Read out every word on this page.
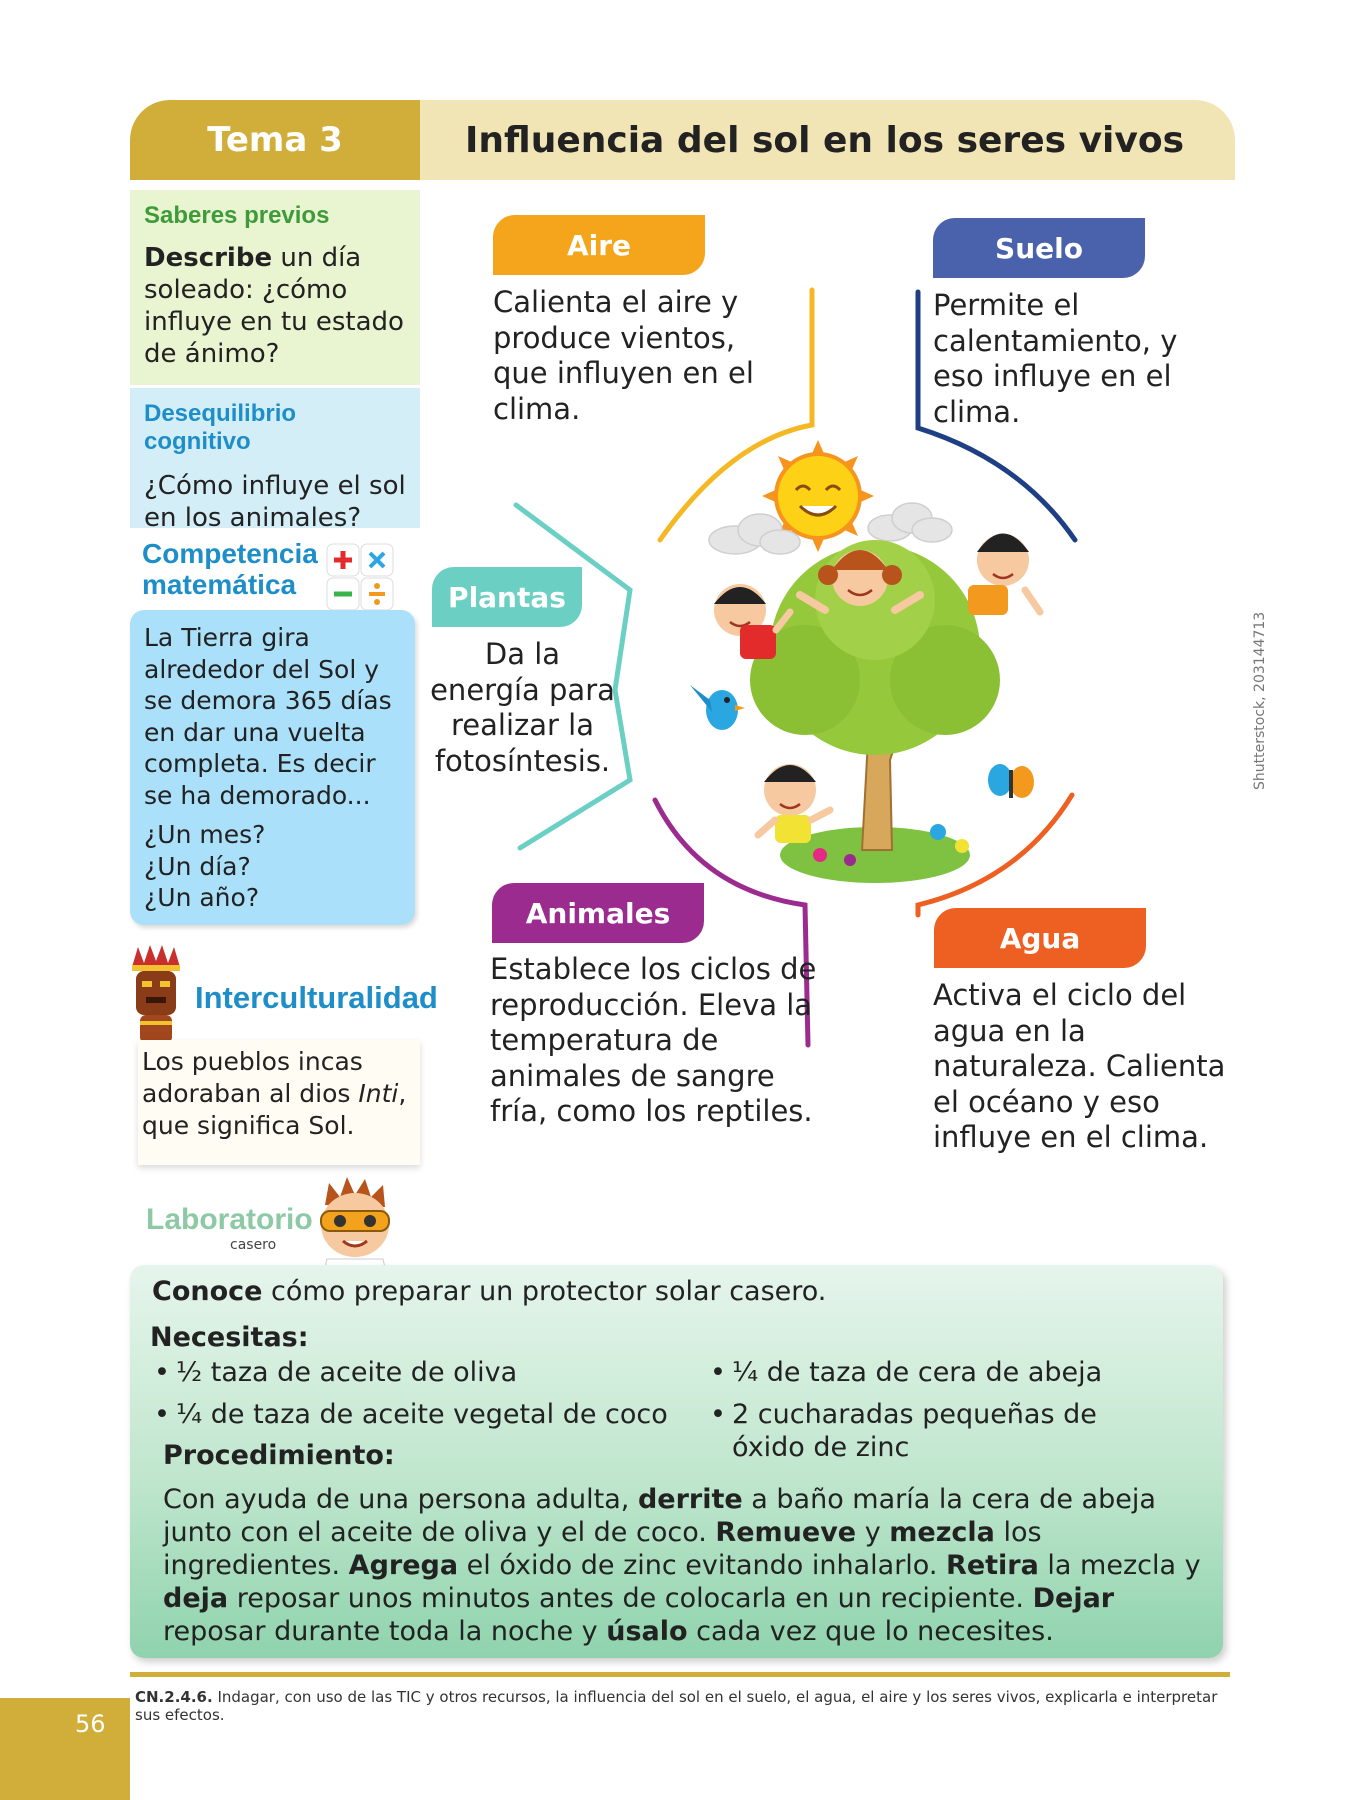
Tema 3	Influencia del sol en los seres vivos
Saberes previos
Describe un día soleado: ¿cómo influye en tu estado de ánimo?
Desequilibrio cognitivo
¿Cómo influye el sol en los animales?
Competencia
matemática
La Tierra gira alrededor del Sol y se demora 365 días en dar una vuelta completa. Es decir se ha demorado...
¿Un mes?
¿Un día?
¿Un año?
Interculturalidad
Los pueblos incas adoraban al dios Inti, que significa Sol.
Laboratorio
casero
Aire
Calienta el aire y produce vientos, que influyen en el clima.
Suelo
Permite el calentamiento, y eso influye en el clima.
Plantas
Da la energía para realizar la fotosíntesis.
Animales
Establece los ciclos de reproducción. Eleva la temperatura de animales de sangre fría, como los reptiles.
Agua
Activa el ciclo del agua en la naturaleza. Calienta el océano y eso influye en el clima.
Shutterstock, 203144713
Conoce cómo preparar un protector solar casero.
Necesitas:
• ½ taza de aceite de oliva
• ¼ de taza de aceite vegetal de coco
• ¼ de taza de cera de abeja
• 2 cucharadas pequeñas de óxido de zinc
Procedimiento:
Con ayuda de una persona adulta, derrite a baño maría la cera de abeja junto con el aceite de oliva y el de coco. Remueve y mezcla los ingredientes. Agrega el óxido de zinc evitando inhalarlo. Retira la mezcla y deja reposar unos minutos antes de colocarla en un recipiente. Dejar reposar durante toda la noche y úsalo cada vez que lo necesites.
CN.2.4.6. Indagar, con uso de las TIC y otros recursos, la influencia del sol en el suelo, el agua, el aire y los seres vivos, explicarla e interpretar sus efectos.
56
